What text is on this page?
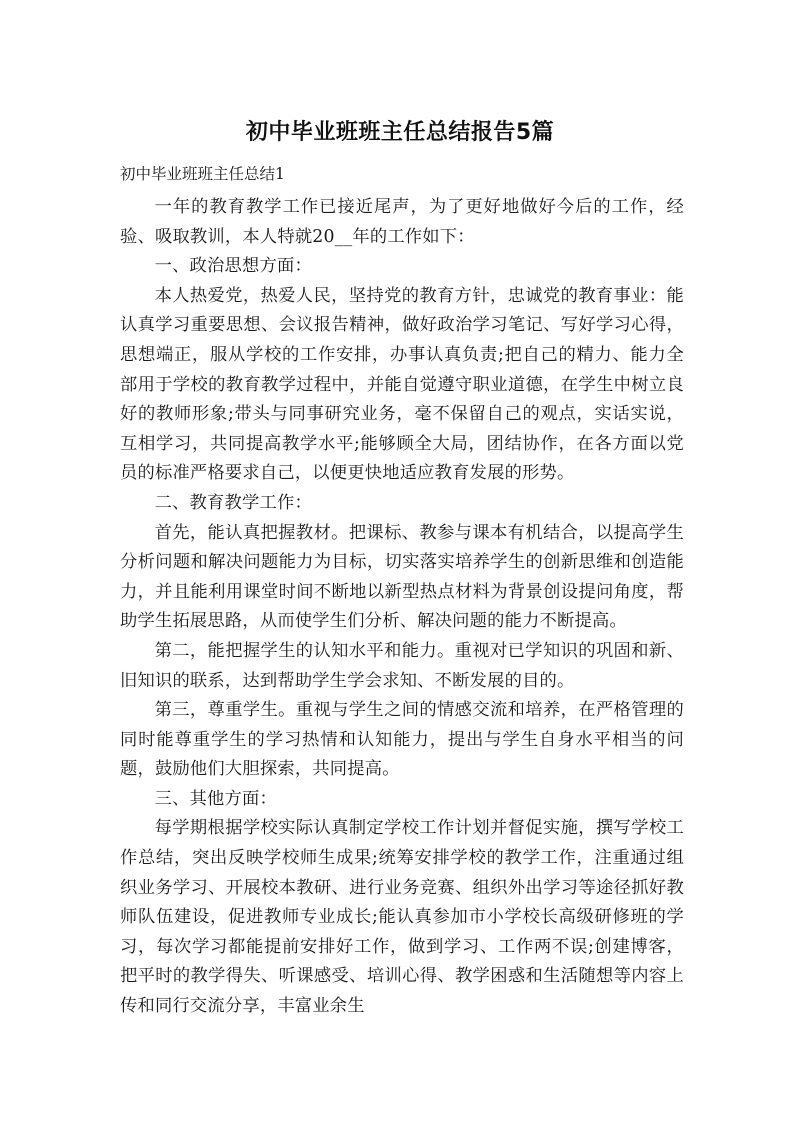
初中毕业班班主任总结报告5篇
初中毕业班班主任总结1

一年的教育教学工作已接近尾声，为了更好地做好今后的工作，经验、吸取教训，本人特就20__年的工作如下：

一、政治思想方面：

本人热爱党，热爱人民，坚持党的教育方针，忠诚党的教育事业：能认真学习重要思想、会议报告精神，做好政治学习笔记、写好学习心得，思想端正，服从学校的工作安排，办事认真负责;把自己的精力、能力全部用于学校的教育教学过程中，并能自觉遵守职业道德，在学生中树立良好的教师形象;带头与同事研究业务，毫不保留自己的观点，实话实说，互相学习，共同提高教学水平;能够顾全大局，团结协作，在各方面以党员的标准严格要求自己，以便更快地适应教育发展的形势。

二、教育教学工作：

首先，能认真把握教材。把课标、教参与课本有机结合，以提高学生分析问题和解决问题能力为目标，切实落实培养学生的创新思维和创造能力，并且能利用课堂时间不断地以新型热点材料为背景创设提问角度，帮助学生拓展思路，从而使学生们分析、解决问题的能力不断提高。

第二，能把握学生的认知水平和能力。重视对已学知识的巩固和新、旧知识的联系，达到帮助学生学会求知、不断发展的目的。

第三，尊重学生。重视与学生之间的情感交流和培养，在严格管理的同时能尊重学生的学习热情和认知能力，提出与学生自身水平相当的问题，鼓励他们大胆探索，共同提高。

三、其他方面：

每学期根据学校实际认真制定学校工作计划并督促实施，撰写学校工作总结，突出反映学校师生成果;统筹安排学校的教学工作，注重通过组织业务学习、开展校本教研、进行业务竞赛、组织外出学习等途径抓好教师队伍建设，促进教师专业成长;能认真参加市小学校长高级研修班的学习，每次学习都能提前安排好工作，做到学习、工作两不误;创建博客，把平时的教学得失、听课感受、培训心得、教学困惑和生活随想等内容上传和同行交流分享，丰富业余生
